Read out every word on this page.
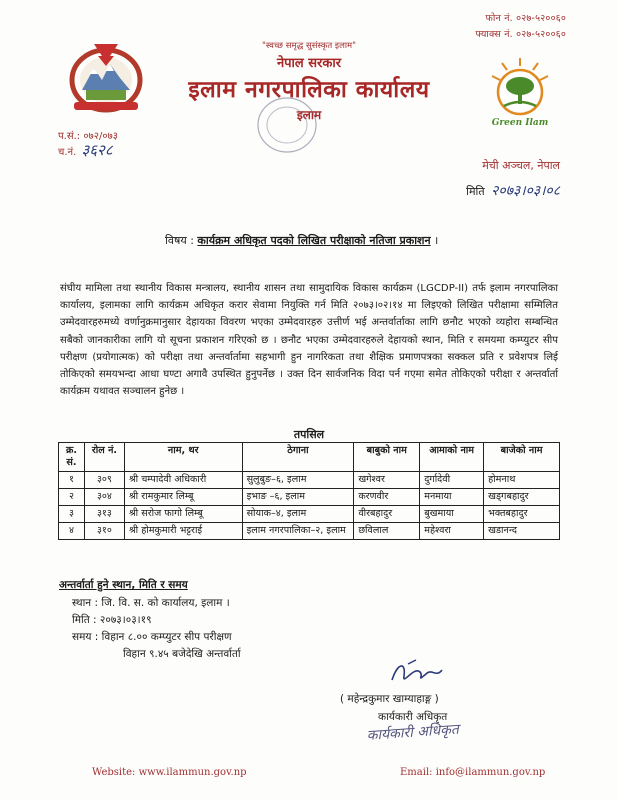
फोन नं. ०२७-५२००६०
फ्याक्स नं. ०२७-५२००६०
"स्वच्छ समृद्ध सुसंस्कृत इलाम"
नेपाल सरकार
इलाम नगरपालिका कार्यालय
इलाम
Green Ilam
प.सं.: ०७२/०७३
च.नं. ३६२८
मेची अञ्चल, नेपाल
मिति २०७३।०३।०८
विषय : कार्यक्रम अधिकृत पदको लिखित परीक्षाको नतिजा प्रकाशन ।

संघीय मामिला तथा स्थानीय विकास मन्त्रालय, स्थानीय शासन तथा सामुदायिक विकास कार्यक्रम (LGCDP-II) तर्फ इलाम नगरपालिका कार्यालय, इलामका लागि कार्यक्रम अधिकृत करार सेवामा नियुक्ति गर्न मिति २०७३।०२।१४ मा लिइएको लिखित परीक्षामा सम्मिलित उम्मेदवारहरुमध्ये वर्णानुक्रमानुसार देहायका विवरण भएका उम्मेदवारहरु उत्तीर्ण भई अन्तर्वार्ताका लागि छनौट भएको व्यहोरा सम्बन्धित सबैको जानकारीका लागि यो सूचना प्रकाशन गरिएको छ । छनौट भएका उम्मेदवारहरुले देहायको स्थान, मिति र समयमा कम्प्युटर सीप परीक्षण (प्रयोगात्मक) को परीक्षा तथा अन्तर्वार्तामा सहभागी हुन नागरिकता तथा शैक्षिक प्रमाणपत्रका सक्कल प्रति र प्रवेशपत्र लिई तोकिएको समयभन्दा आधा घण्टा अगावै उपस्थित हुनुपर्नेछ । उक्त दिन सार्वजनिक विदा पर्न गएमा समेत तोकिएको परीक्षा र अन्तर्वार्ता कार्यक्रम यथावत सञ्चालन हुनेछ ।

तपसिल
क्र. सं.	रोल नं.	नाम, थर	ठेगाना	बाबुको नाम	आमाको नाम	बाजेको नाम
१	३०९	श्री चम्पादेवी अधिकारी	सुलुबुङ–६, इलाम	खगेश्वर	दुर्गादेवी	होमनाथ
२	३०४	श्री रामकुमार लिम्बू	इभाङ –६, इलाम	करणवीर	मनमाया	खड्गबहादुर
३	३१३	श्री सरोज फागो लिम्बू	सोयाक–४, इलाम	वीरबहादुर	बुखमाया	भक्तबहादुर
४	३१०	श्री होमकुमारी भट्टराई	इलाम नगरपालिका–२, इलाम	छविलाल	महेश्वरा	खडानन्द
अन्तर्वार्ता हुने स्थान, मिति र समय
स्थान : जि. वि. स. को कार्यालय, इलाम ।
मिति : २०७३।०३।१९
समय : विहान ८.०० कम्प्युटर सीप परीक्षण
विहान ९.४५ बजेदेखि अन्तर्वार्ता
( महेन्द्रकुमार खाम्याहाङ्ग )
कार्यकारी अधिकृत
कार्यकारी अधिकृत
Website: www.ilammun.gov.np	Email: info@ilammun.gov.np
